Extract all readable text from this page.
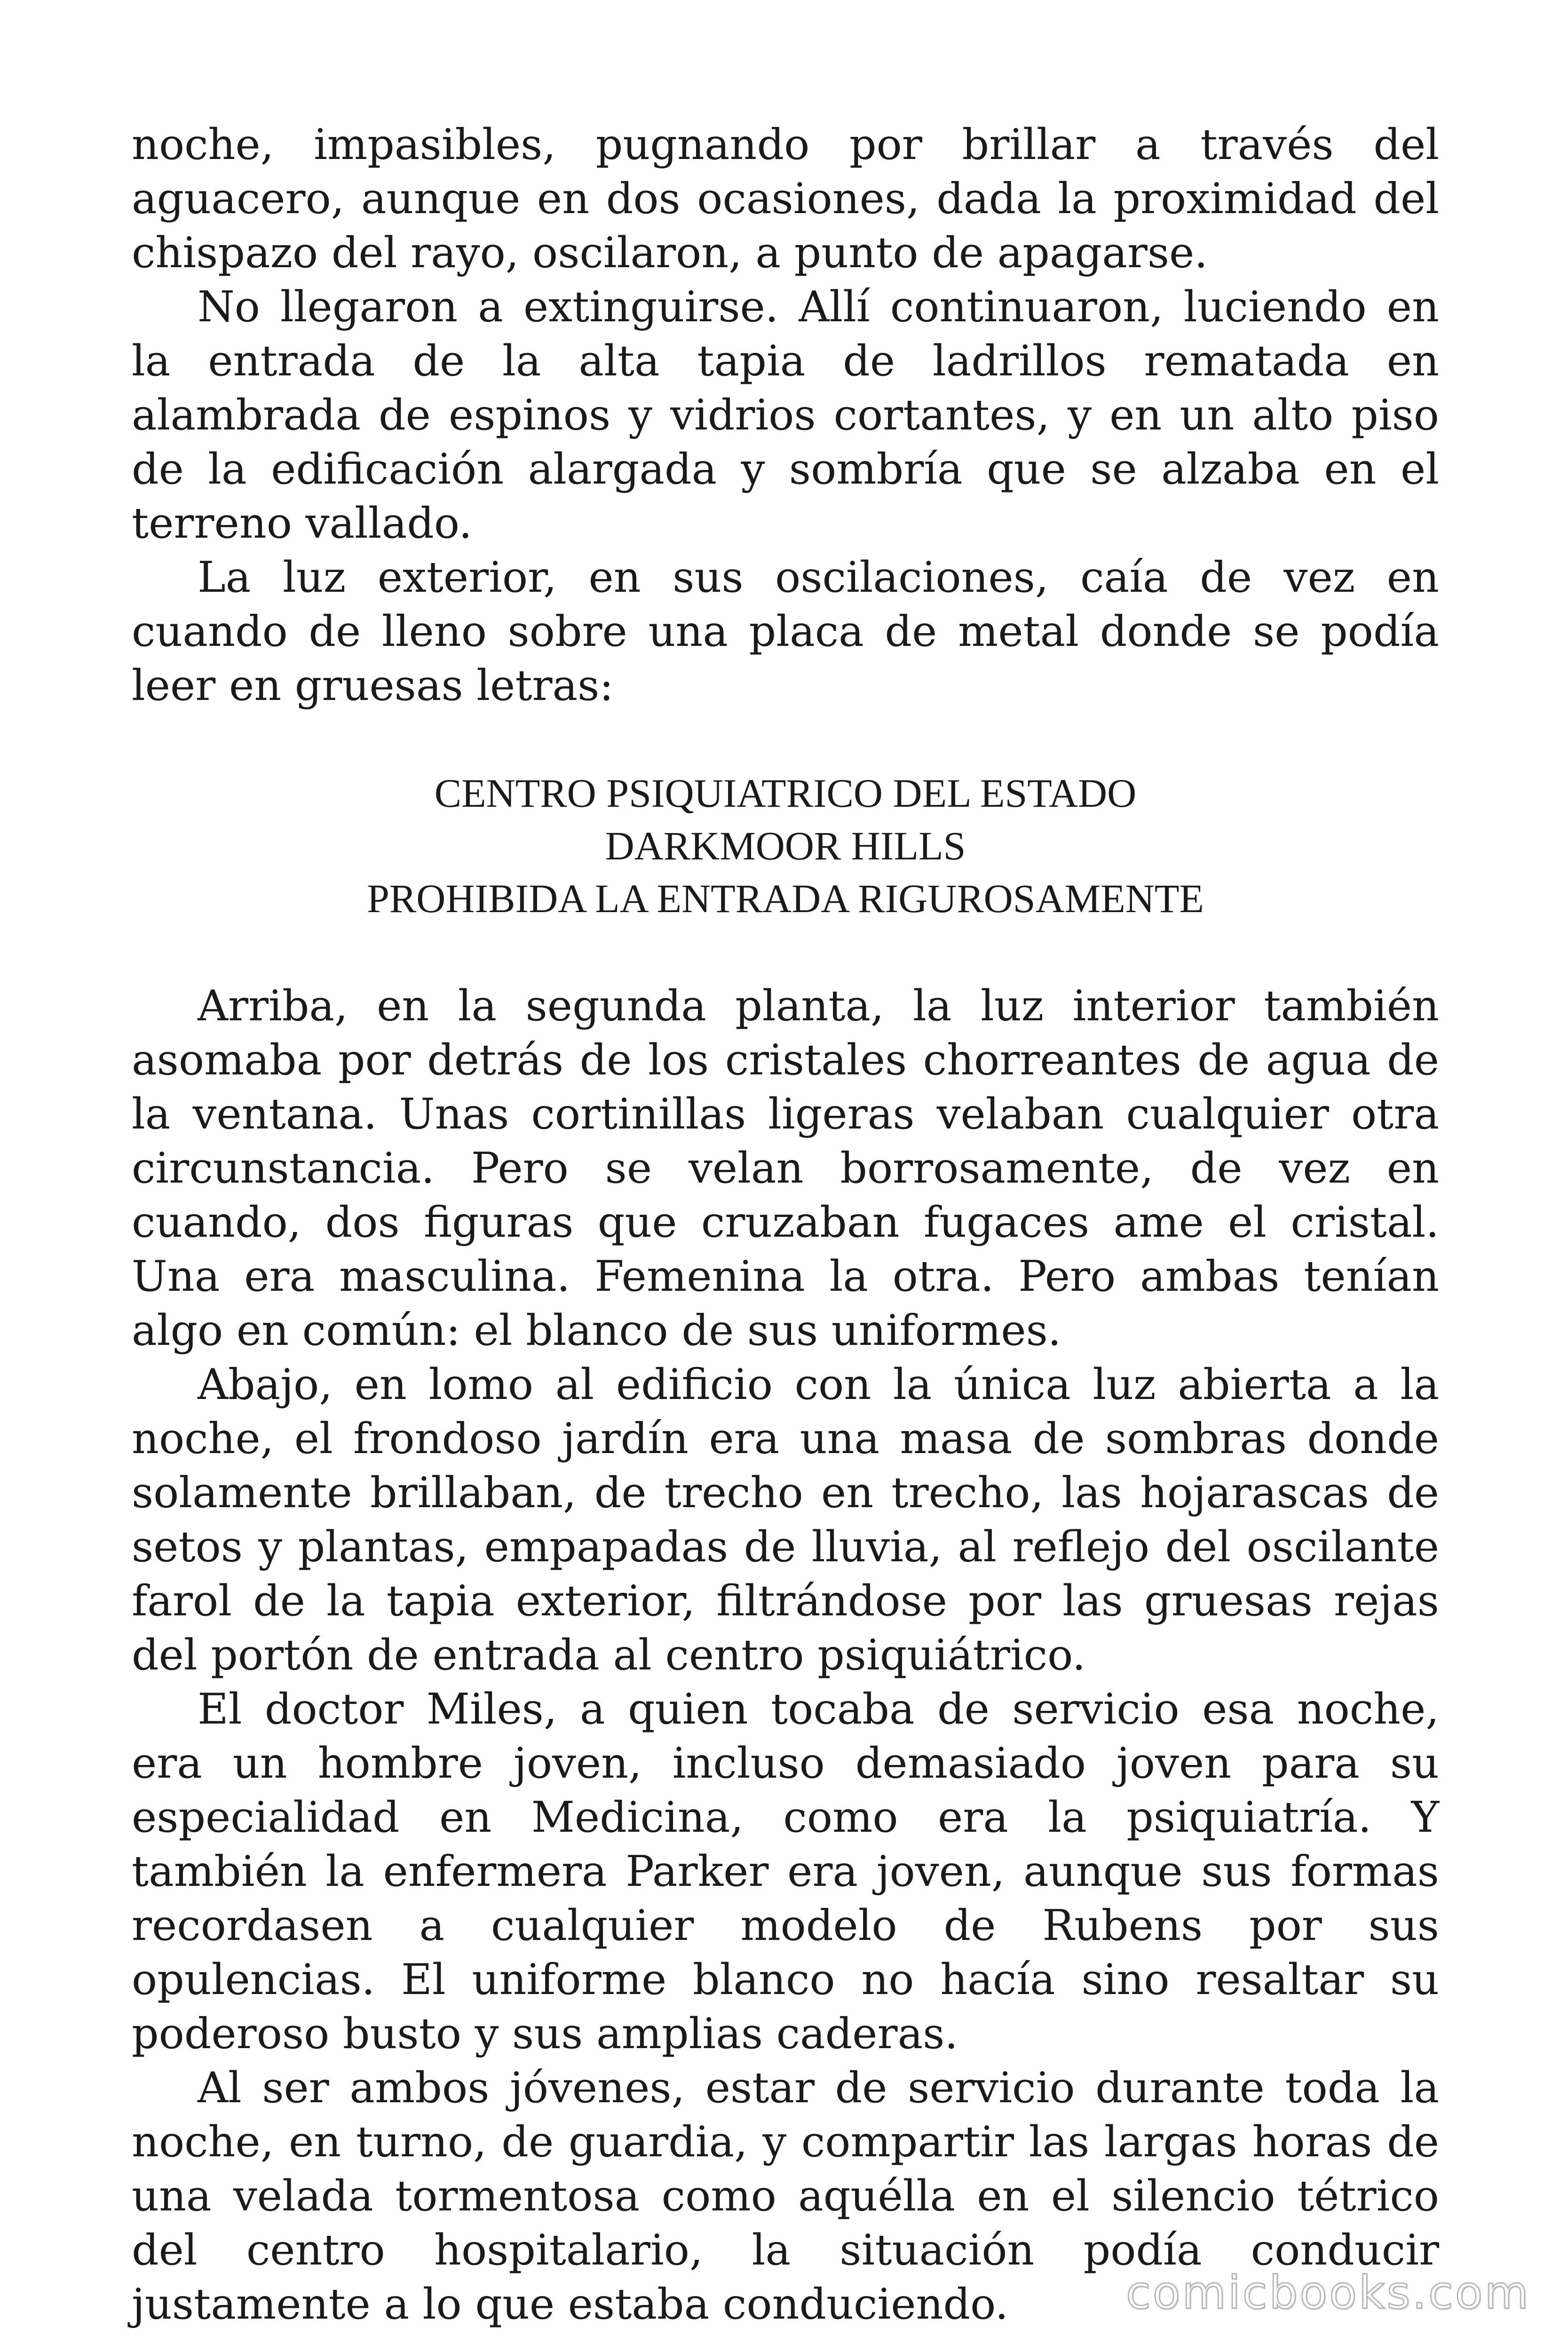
noche, impasibles, pugnando por brillar a través del aguacero, aunque en dos ocasiones, dada la proximidad del chispazo del rayo, oscilaron, a punto de apagarse.

No llegaron a extinguirse. Allí continuaron, luciendo en la entrada de la alta tapia de ladrillos rematada en alambrada de espinos y vidrios cortantes, y en un alto piso de la edificación alargada y sombría que se alzaba en el terreno vallado.

La luz exterior, en sus oscilaciones, caía de vez en cuando de lleno sobre una placa de metal donde se podía leer en gruesas letras:

CENTRO PSIQUIATRICO DEL ESTADO
DARKMOOR HILLS
PROHIBIDA LA ENTRADA RIGUROSAMENTE

Arriba, en la segunda planta, la luz interior también asomaba por detrás de los cristales chorreantes de agua de la ventana. Unas cortinillas ligeras velaban cualquier otra circunstancia. Pero se velan borrosamente, de vez en cuando, dos figuras que cruzaban fugaces ame el cristal. Una era masculina. Femenina la otra. Pero ambas tenían algo en común: el blanco de sus uniformes.

Abajo, en lomo al edificio con la única luz abierta a la noche, el frondoso jardín era una masa de sombras donde solamente brillaban, de trecho en trecho, las hojarascas de setos y plantas, empapadas de lluvia, al reflejo del oscilante farol de la tapia exterior, filtrándose por las gruesas rejas del portón de entrada al centro psiquiátrico.

El doctor Miles, a quien tocaba de servicio esa noche, era un hombre joven, incluso demasiado joven para su especialidad en Medicina, como era la psiquiatría. Y también la enfermera Parker era joven, aunque sus formas recordasen a cualquier modelo de Rubens por sus opulencias. El uniforme blanco no hacía sino resaltar su poderoso busto y sus amplias caderas.

Al ser ambos jóvenes, estar de servicio durante toda la noche, en turno, de guardia, y compartir las largas horas de una velada tormentosa como aquélla en el silencio tétrico del centro hospitalario, la situación podía conducir justamente a lo que estaba conduciendo.	comicbooks.com
